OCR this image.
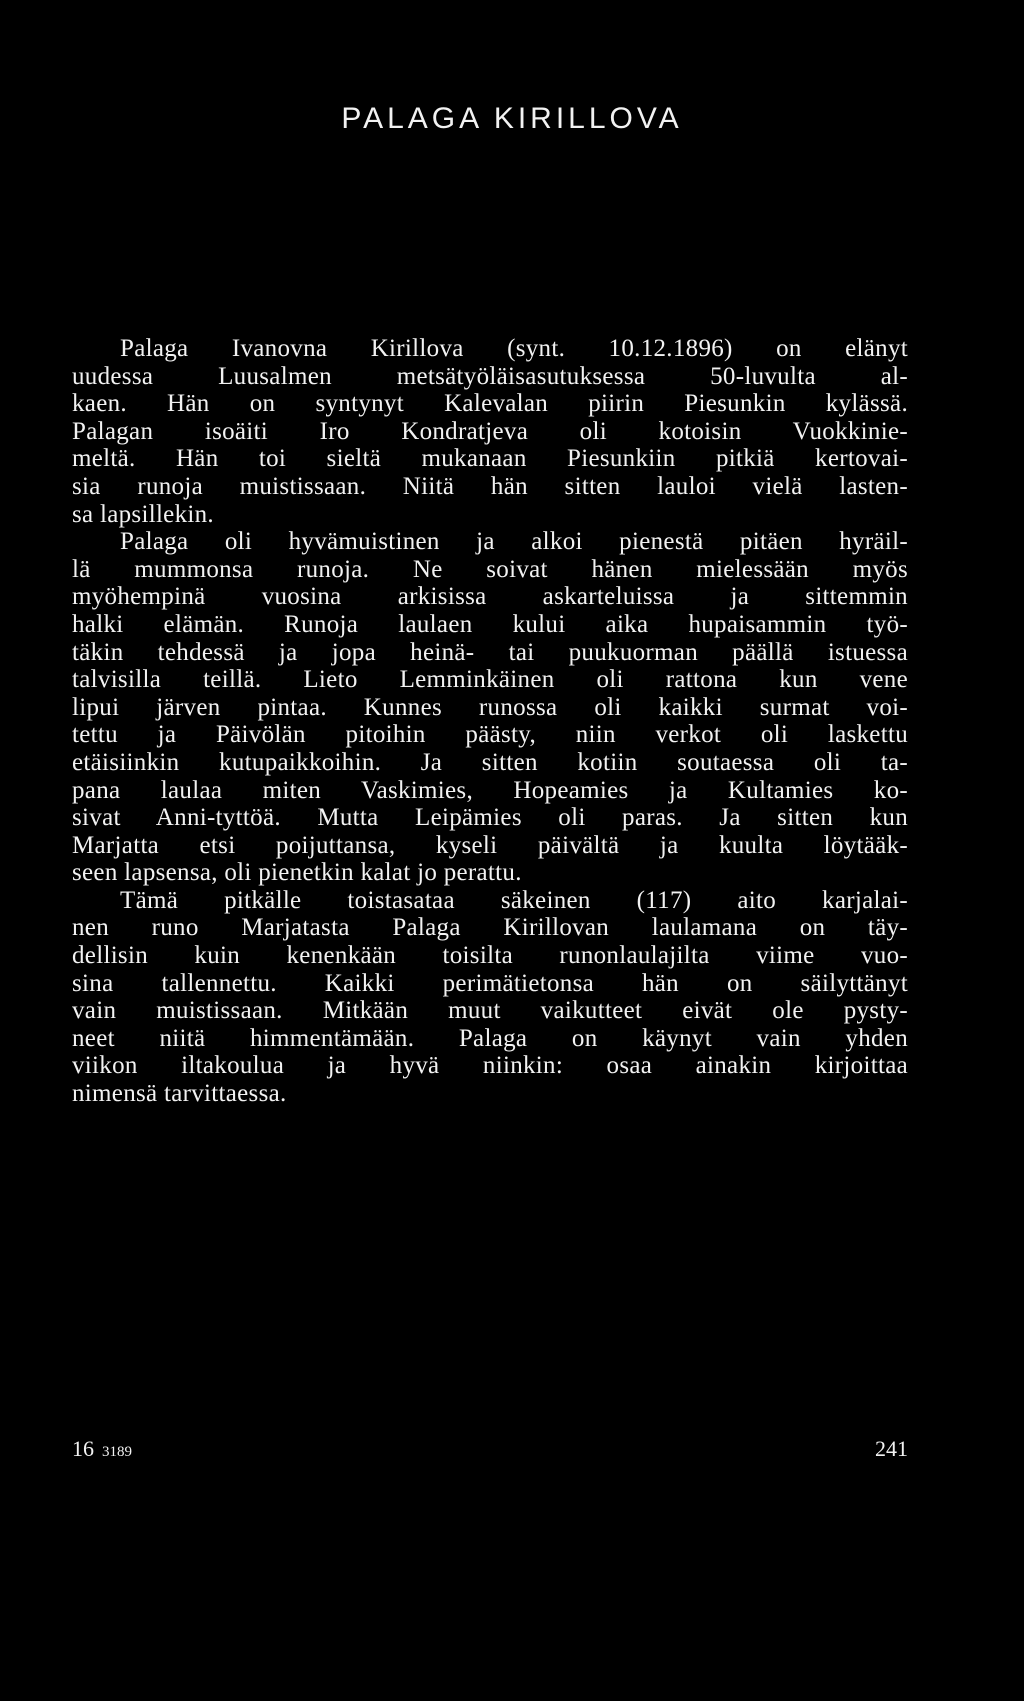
PALAGA KIRILLOVA
Palaga Ivanovna Kirillova (synt. 10.12.1896) on elänyt
uudessa Luusalmen metsätyöläisasutuksessa 50-luvulta al-
kaen. Hän on syntynyt Kalevalan piirin Piesunkin kylässä.
Palagan isoäiti Iro Kondratjeva oli kotoisin Vuokkinie-
meltä. Hän toi sieltä mukanaan Piesunkiin pitkiä kertovai-
sia runoja muistissaan. Niitä hän sitten lauloi vielä lasten-
sa lapsillekin.
Palaga oli hyvämuistinen ja alkoi pienestä pitäen hyräil-
lä mummonsa runoja. Ne soivat hänen mielessään myös
myöhempinä vuosina arkisissa askarteluissa ja sittemmin
halki elämän. Runoja laulaen kului aika hupaisammin työ-
täkin tehdessä ja jopa heinä- tai puukuorman päällä istuessa
talvisilla teillä. Lieto Lemminkäinen oli rattona kun vene
lipui järven pintaa. Kunnes runossa oli kaikki surmat voi-
tettu ja Päivölän pitoihin päästy, niin verkot oli laskettu
etäisiinkin kutupaikkoihin. Ja sitten kotiin soutaessa oli ta-
pana laulaa miten Vaskimies, Hopeamies ja Kultamies ko-
sivat Anni-tyttöä. Mutta Leipämies oli paras. Ja sitten kun
Marjatta etsi poijuttansa, kyseli päivältä ja kuulta löytääk-
seen lapsensa, oli pienetkin kalat jo perattu.
Tämä pitkälle toistasataa säkeinen (117) aito karjalai-
nen runo Marjatasta Palaga Kirillovan laulamana on täy-
dellisin kuin kenenkään toisilta runonlaulajilta viime vuo-
sina tallennettu. Kaikki perimätietonsa hän on säilyttänyt
vain muistissaan. Mitkään muut vaikutteet eivät ole pysty-
neet niitä himmentämään. Palaga on käynyt vain yhden
viikon iltakoulua ja hyvä niinkin: osaa ainakin kirjoittaa
nimensä tarvittaessa.
16 3189	241
